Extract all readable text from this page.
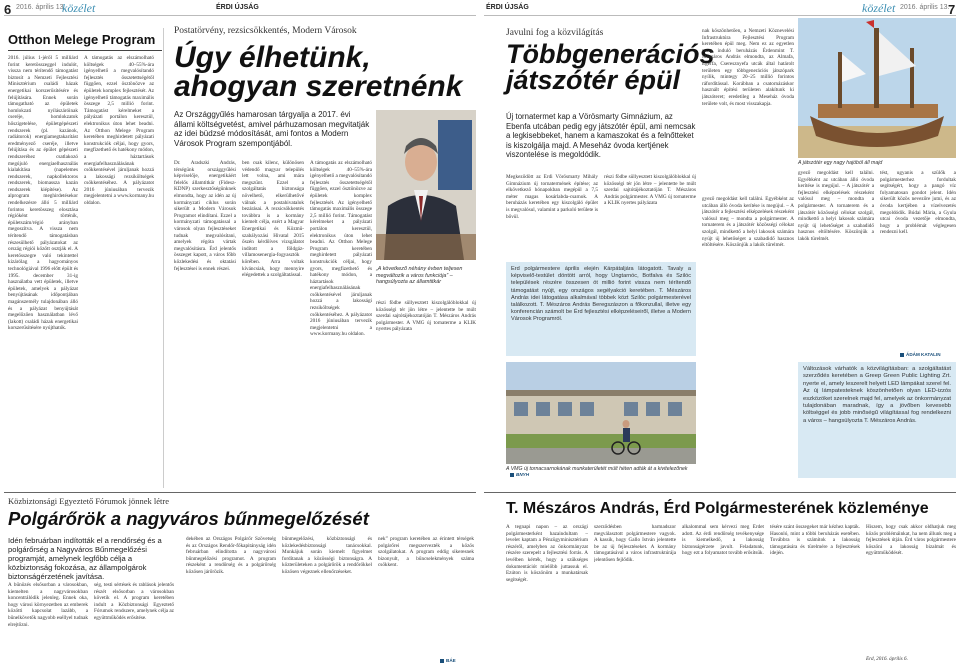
6 2016. április 13.
közélet	ÉRDI ÚJSÁG
Otthon Melege Program
2016. július 1-jéről 5 milliárd forint keretösszeggel indulót, vissza nem térítendő támogatást biztosít a Nemzeti Fejlesztési Minisztérium családi házak energetikai korszerűsítésére és felújítására. Ennek során támogatható az épületek homlokzati nyílászáróinak cseréje, homlokzatok hőszigetelése, épületgépészeti rendszerek (pl. kazánok, radiátorok) energiamegtakarítást eredményező cseréje, illetve felújítása és az épület gépészeti rendszeréhez csatlakozó megújuló energiaelhasználás kialakítása (napelemes rendszerek, napkollektoros rendszerek, biomassza kazán rendszerek kiépítése). Az alprogram meghirdetésekor rendelkezésre álló 5 milliárd forintos keretösszeg elosztása régióként történik, épületszám/régió arányban megoszítva. A vissza nem térítendő támogatásban részesülhető pályázatokat az ország régiói között osztják el. A keretösszegre való tekintettel kizárólag a hagyományos technológiával 1996 előtt épült és 1995. december 31-ig használatba vett épületek, illetve épületek, amelyek a pályázat benyújtásának időpontjában magánszemély tulajdonában álló és a pályázat benyújtását megelőzően használatban lévő (lakott) családi házak energetikai korszerűsítésére nyújthatók.
A támogatás az elszámolható költségek 40–55%-ára igényelhető a megvalósítandó fejlesztés összetettségétől függően, ezzel ösztönözve az épületek komplex fejlesztését. Az igényelhető támogatás maximális összege 2,5 millió forint. Támogatást kérelmeket a pályázati portálon keresztül, elektronikus úton lehet beadni. Az Otthon Melege Program keretében meghirdetett pályázati konstrukciók céljai, hogy gyors, megfizethető és hatékony módon, a háztartások energiafelhasználásának csökkentésével járuljanak hozzá a lakossági rezsiköltségek csökkentéséhez. A pályázatot 2016 júniusában tervezik megjelentetni a www.kormany.hu oldalon.
Postatörvény, rezsicsökkentés, Modern Városok
Úgy élhetünk, ahogyan szeretnénk
Az Országgyűlés hamarosan tárgyalja a 2017. évi állami költségvetést, amivel párhuzamosan megvitatják az idei büdzsé módosítását, ami fontos a Modern Városok Program szempontjából.
Dr. Aradszki András, térségünk országgyűlési képviselője, energetikáért felelős államtitkár (Fidesz-KDNP) szerkesztőségünknek elmondta, hogy az idén az új kormányzati ciklus során sikerült a Modern Városok Programot elindítani. Ezzel a kormányzati támogatással a városok olyan fejlesztéseket tudnak megvalósítani, amelyek régóta vártak megvalósításra. Érd jelentős összeget kapott, a város főbb közlekedési és oktatási fejlesztései is ennek részei.
ben csak kilenc, különösen védendő magyar település lett volna, ami mára megszűnt. Ezzel a szolgáltatás biztonsága növelhető, elkerülhetővé válnak a postahivatalok bezárásai. A rezsicsökkentés továbbra is a kormány kiemelt célja, ezért a Magyar Energetikai és Közmű-szabályozási Hivatal 2015 őszén kérdőíves vizsgálatot indított a földgáz-villamosenergia-fogyasztók körében. Arra voltak kíváncsiak, hogy mennyire elégedettek a szolgáltatással.
A támogatás az elszámolható költségek 40–55%-ára igényelhető a megvalósítandó fejlesztés összetettségétől függően, ezzel ösztönözve az épületek komplex fejlesztését. Az igényelhető támogatás maximális összege 2,5 millió forint. Támogatást kérelmeket a pályázati portálon keresztül, elektronikus úton lehet beadni. Az Otthon Melege Program keretében meghirdetett pályázati konstrukciók céljai, hogy gyors, megfizethető és hatékony módon, a háztartások energiafelhasználásának csökkentésével járuljanak hozzá a lakossági rezsiköltségek csökkentéséhez. A pályázatot 2016 júniusában tervezik megjelentetni a www.kormany.hu oldalon.
„A következő néhány évben teljesen megváltozik a város funkciója” – hangsúlyozta az államtitkár
részi födbe süllyesztett kiszolgálóblokkal új közösségi tér jön létre – jelentette be múlt szerdai sajtótájékoztatóján T. Mészáros András polgármester. A VMG új tornaterme a KLIK nyertes pályázata
Közbiztonsági Egyeztető Fórumok jönnek létre
Polgárőrök a nagyváros bűnmegelőzését
Idén februárban indították el a rendőrség és a polgárőrség a Nagyváros Bűnmegelőzési programját, amelynek legfőbb célja a közbiztonság fokozása, az állampolgárok biztonságérzetének javítása.
A bűnözés elsősorban a városokban, kiemelten a nagyvárosokban koncentrálódik jelenleg. Ennek oka, hogy városi környezetben az emberek közötti kapcsolat lazább, a bűnelkövetők nagyobb eséllyel tudnak elrejtőzni.
ség, testi sértések és rablások jelentős részét elsősorban a városokban követik el. A program keretében indult a Közbiztonsági Egyeztető Fórumok rendszere, amelynek célja az együttműködés erősítése.
dekében az Országos Polgárőr Szövetség és az Országos Rendőr-főkapitányság idén februárban elindította a nagyvárosi bűnmegelőzési programot. A program részeként a rendőrség és a polgárőrség közösen járőrözik.
bűnmegelőzési, közbiztonsági és közlekedésbiztonsági tanácsokkal. Munkájuk során kiemelt figyelmet fordítanak a közösségi biztonságra. A közterületeken a polgárőrök a rendőrökkel közösen végeznek ellenőrzéseket.
nek” program keretében az érintett térségek polgárőrei megszervezték a közös szolgálatokat. A program eddig sikeresnek bizonyult, a bűncselekmények száma csökkent.
BÁE
ÉRDI ÚJSÁG	közélet 2016. április 13.
7
Javulni fog a közvilágítás
Többgenerációs játszótér épül
Új tornatermet kap a Vörösmarty Gimnázium, az Ebenfa utcában pedig egy játszótér épül, ami nemcsak a legkisebbeket, hanem a kamaszokat és a felnőtteket is kiszolgálja majd. A Meseház óvoda kertjének viszontelése is megoldódik.
Megkeződött az Érdi Vörösmarty Mihály Gimnázium új tornatermének építése; az elkövetkező hónapokban megépül a 7,5 méter magas kosárlabda-csarnok. A beruházás keretében egy kiszolgáló épület is megvalósul, valamint a parkoló területe is bővül.
részi födbe süllyesztett kiszolgálóblokkal új közösségi tér jön létre – jelentette be múlt szerdai sajtótájékoztatóján T. Mészáros András polgármester. A VMG új tornaterme a KLIK nyertes pályázata
Érd polgármestere április elején Kárpátaljára látogatott. Tavaly a képviselő-testület döntött arról, hogy Ungtarnóc, Botfalva és Szilóc települések részére összesen öt millió forint vissza nem térítendő támogatást nyújt, egy országos segélyakció keretében. T. Mészáros András idei látogatása alkalmával többek közt Szilóc polgármesterével találkozott. T. Mészáros András Beregszászon a főkonzullal, illetve egy konferencián számolt be Érd fejlesztési elképzeléseiről, illetve a Modern Városok Programról.
A VMG új tornacsarnokának munkaterületét múlt héten adták át a kivitelezőnek BNYH
nak köszönhetően, a Nemzeti Köznevelési Infrastruktúra Fejlesztési Program keretében épül meg. Nem ez az egyetlen most induló beruházás Érdenmint T. Mészáros András elmondta, az Almafa, Égerfa, Cseresznyefa utcák által határolt területen egy többgenerációs játszópark nyílik, mintegy 20–25 millió forintos ráfordítással. Korábban a csatornázáskor használt építési területen alakítunk ki játszóteret; eredetileg a Meseház óvoda területe volt, és most visszakapja.
gyező megoldást kell találni. Egyébként az utcában álló óvoda kerítése is megújul. – A játszótér a fejlesztési elképzelések részeként valósul meg – mondta a polgármester. A tornaterem és a játszótér közösségi célokat szolgál, mindkettő a helyi lakosok számára nyújt új lehetőséget a szabadidő hasznos eltöltésére. Köszönjük a lakók türelmét.
A játszótér egy nagy hajóból áll majd
gyező megoldást kell találni. Egyébként az utcában álló óvoda kerítése is megújul. – A játszótér a fejlesztési elképzelések részeként valósul meg – mondta a polgármester. A tornaterem és a játszótér közösségi célokat szolgál, mindkettő a helyi lakosok számára nyújt új lehetőséget a szabadidő hasznos eltöltésére. Köszönjük a lakók türelmét.
tést, ugyanis a szülők a polgármesterhez fordultak segítségért, hogy a pangó víz folyamatosan gondot jelent. Idén sikerült közös nevezőre jutni, és az óvoda kertjében a vízelvezetés megoldódik. Búdai Mária, a Gyula utcai óvoda vezetője elmondta, hogy a problémát véglegesen rendezni kell.
ÁDÁM KATALIN
Változások várhatók a közvilágításban: a szolgáltatást szerződés keretében a Greep Green Public Lighting Zrt. nyerte el, amely leszerelt helyett LED lámpákat szerel fel. Az új lámpatesteknek köszönhetően olyan LED-izzós eszközöket szerelnek majd fel, amelyek az önkormányzat tulajdonában maradnak, így a jövőben kevesebb költséggel és jobb minőségű világítással fog rendelkezni a város – hangsúlyozta T. Mészáros András.
T. Mészáros András, Érd Polgármesterének közleménye
A tegnapi napon – az országi polgármesterként hazaindultam – levelet kaptam a Pénzügyminisztérium részéről, amelyben az önkormányzat részére szerepelt a fejlesztési forrás. A levélben kérték, hogy a szükséges dokumentációt mielőbb juttassuk el. Ezúton is köszönöm a munkatársak segítségét.
szerződésben harmadszor megválasztott polgármestere vagyok. A kassik, hogy Gallo István jelentette be az új fejlesztéseket. A kormány támogatásával a város infrastruktúrája jelentősen fejlődik.
alkalommal sem kérvezi meg Érdet adott. Az érdi rendőrség tevékenysége is kiemelkedő, a lakosság biztonságérzete javult. Feladatunk, hogy ezt a folyamatot tovább erősítsük.
tésére szánt összegeket már kézhez kapták. Hasonló, mint a többi beruházás esetében. Továbbra is számítok a lakosság támogatására és türelmére a fejlesztések idején.
Hiszem, hogy csak akkor oldhatjuk meg közös problémáinkat, ha nem állunk meg a fejlesztések útján. Érd város polgármestere köszöni a lakosság bizalmát és együttműködését.
Érd, 2016. április 6.
